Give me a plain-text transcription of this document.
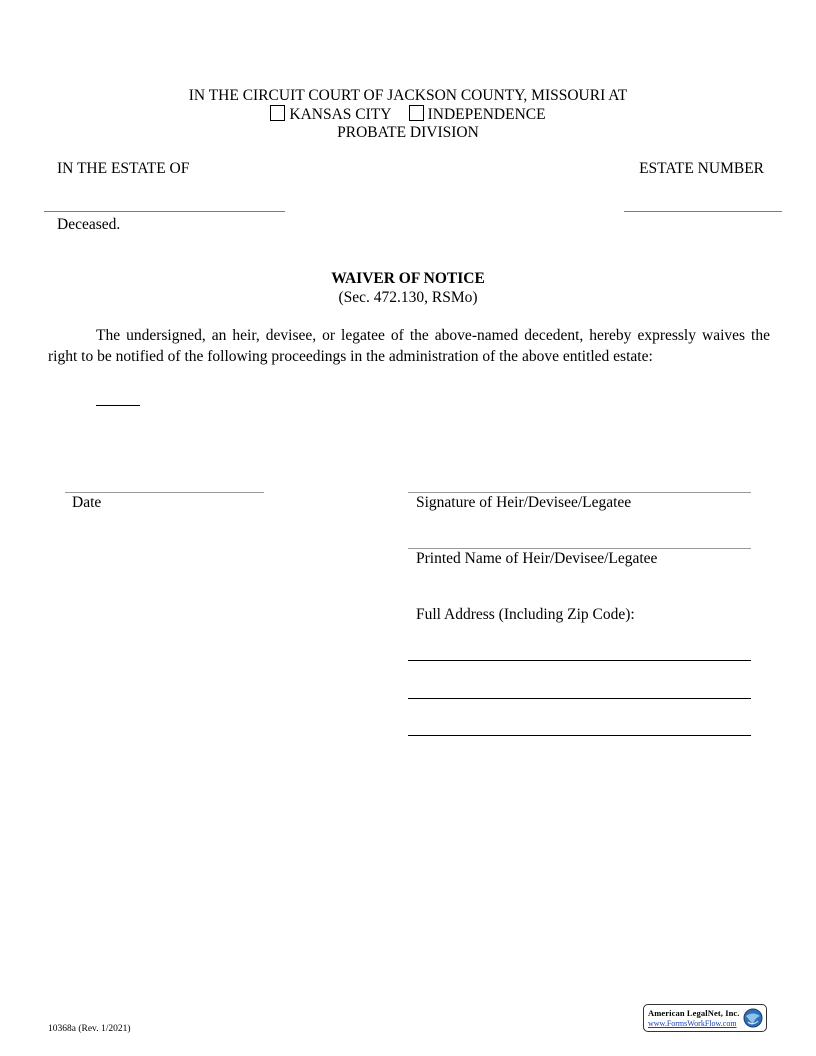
IN THE CIRCUIT COURT OF JACKSON COUNTY, MISSOURI AT
KANSAS CITY INDEPENDENCE
PROBATE DIVISION
IN THE ESTATE OF	ESTATE NUMBER
Deceased.
WAIVER OF NOTICE
(Sec. 472.130, RSMo)

The undersigned, an heir, devisee, or legatee of the above-named decedent, hereby expressly waives the right to be notified of the following proceedings in the administration of the above entitled estate:

Date	Signature of Heir/Devisee/Legatee
Printed Name of Heir/Devisee/Legatee
Full Address (Including Zip Code):
10368a (Rev. 1/2021)
American LegalNet, Inc.
www.FormsWorkFlow.com
